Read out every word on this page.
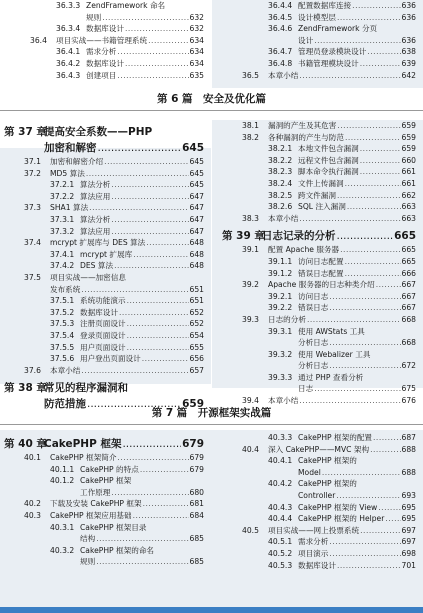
36.3.3 ZendFramework 命名
规则 .....	632
36.3.4 数据库设计 .....	632
36.4	项目实战——书籍管理系统 .....	634
36.4.1 需求分析 .....	634
36.4.2 数据库设计 .....	634
36.4.3 创建项目 .....	635
36.4.4 配置数据库连接 .....	636
36.4.5 设计模型层 .....	636
36.4.6 ZendFramework 分页
设计 .....	636
36.4.7 管理员登录模块设计 .....	638
36.4.8 书籍管理模块设计 .....	639
36.5	本章小结 .....	642
第 6 篇　安全及优化篇
第 37 章
提高安全系数——PHP
加密和解密 .....	645
37.1	加密和解密介绍 .....	645
37.2	MD5 算法 .....	645
37.2.1 算法分析 .....	645
37.2.2 算法应用 .....	647
37.3	SHA1 算法 .....	647
37.3.1 算法分析 .....	647
37.3.2 算法应用 .....	647
37.4	mcrypt 扩展库与 DES 算法 .....	648
37.4.1 mcrypt 扩展库 .....	648
37.4.2 DES 算法 .....	648
37.5	项目实战——加密信息
发布系统 .....	651
37.5.1 系统功能演示 .....	651
37.5.2 数据库设计 .....	652
37.5.3 注册页面设计 .....	652
37.5.4 登录页面设计 .....	654
37.5.5 用户页面设计 .....	655
37.5.6 用户登出页面设计 .....	656
37.6	本章小结 .....	657
第 38 章
常见的程序漏洞和
防范措施 .....	659
38.1	漏洞的产生及其危害 .....	659
38.2	各种漏洞的产生与防范 .....	659
38.2.1 本地文件包含漏洞 .....	659
38.2.2 远程文件包含漏洞 .....	660
38.2.3 脚本命令执行漏洞 .....	661
38.2.4 文件上传漏洞 .....	661
38.2.5 跨文件漏洞 .....	662
38.2.6 SQL 注入漏洞 .....	663
38.3	本章小结 .....	663
第 39 章
日志记录的分析 .....	665
39.1	配置 Apache 服务器 .....	665
39.1.1 访问日志配置 .....	665
39.1.2 错误日志配置 .....	666
39.2	Apache 服务器的日志种类介绍 .....	667
39.2.1 访问日志 .....	667
39.2.2 错误日志 .....	667
39.3	日志的分析 .....	668
39.3.1 使用 AWStats 工具
分析日志 .....	668
39.3.2 使用 Webalizer 工具
分析日志 .....	672
39.3.3 通过 PHP 查看分析
日志 .....	675
39.4	本章小结 .....	676
第 7 篇　开源框架实战篇
第 40 章
CakePHP 框架 .....	679
40.1	CakePHP 框架简介 .....	679
40.1.1 CakePHP 的特点 .....	679
40.1.2 CakePHP 框架
工作原理 .....	680
40.2	下载及安装 CakePHP 框架 .....	681
40.3	CakePHP 框架应用基础 .....	684
40.3.1 CakePHP 框架目录
结构 .....	685
40.3.2 CakePHP 框架的命名
规则 .....	685
40.3.3 CakePHP 框架的配置 .....	687
40.4	深入 CakePHP——MVC 架构 .....	688
40.4.1 CakePHP 框架的
Model .....	688
40.4.2 CakePHP 框架的
Controller .....	693
40.4.3 CakePHP 框架的 View .....	695
40.4.4 CakePHP 框架的 Helper ..... 695
40.5	项目实战——网上投票系统 .....	697
40.5.1 需求分析 .....	697
40.5.2 项目演示 .....	698
40.5.3 数据库设计 .....	701
